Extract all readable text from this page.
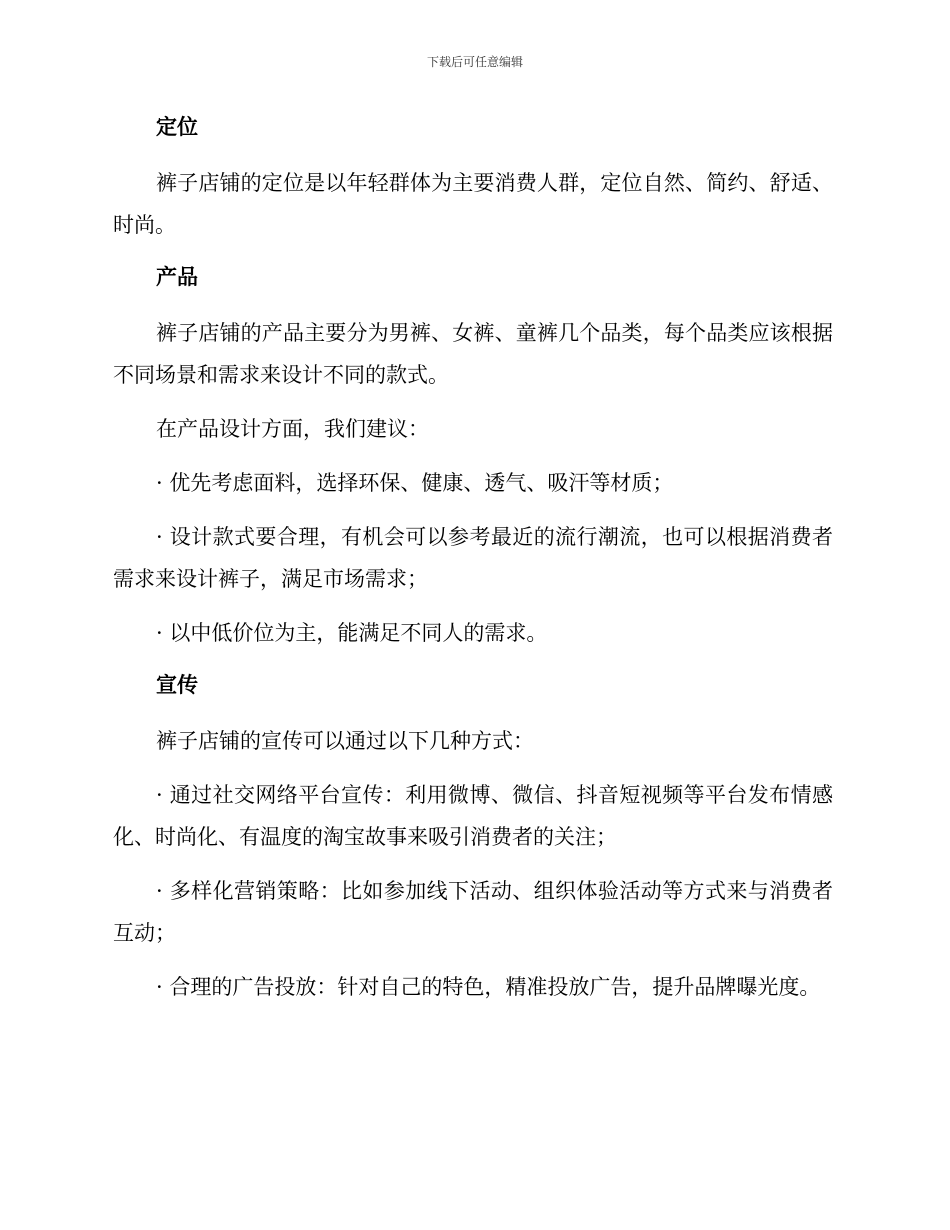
下载后可任意编辑
定位

裤子店铺的定位是以年轻群体为主要消费人群，定位自然、简约、舒适、时尚。

产品

裤子店铺的产品主要分为男裤、女裤、童裤几个品类，每个品类应该根据不同场景和需求来设计不同的款式。

在产品设计方面，我们建议：

· 优先考虑面料，选择环保、健康、透气、吸汗等材质；

· 设计款式要合理，有机会可以参考最近的流行潮流，也可以根据消费者需求来设计裤子，满足市场需求；

· 以中低价位为主，能满足不同人的需求。

宣传

裤子店铺的宣传可以通过以下几种方式：

· 通过社交网络平台宣传：利用微博、微信、抖音短视频等平台发布情感化、时尚化、有温度的淘宝故事来吸引消费者的关注；

· 多样化营销策略：比如参加线下活动、组织体验活动等方式来与消费者互动；

· 合理的广告投放：针对自己的特色，精准投放广告，提升品牌曝光度。
